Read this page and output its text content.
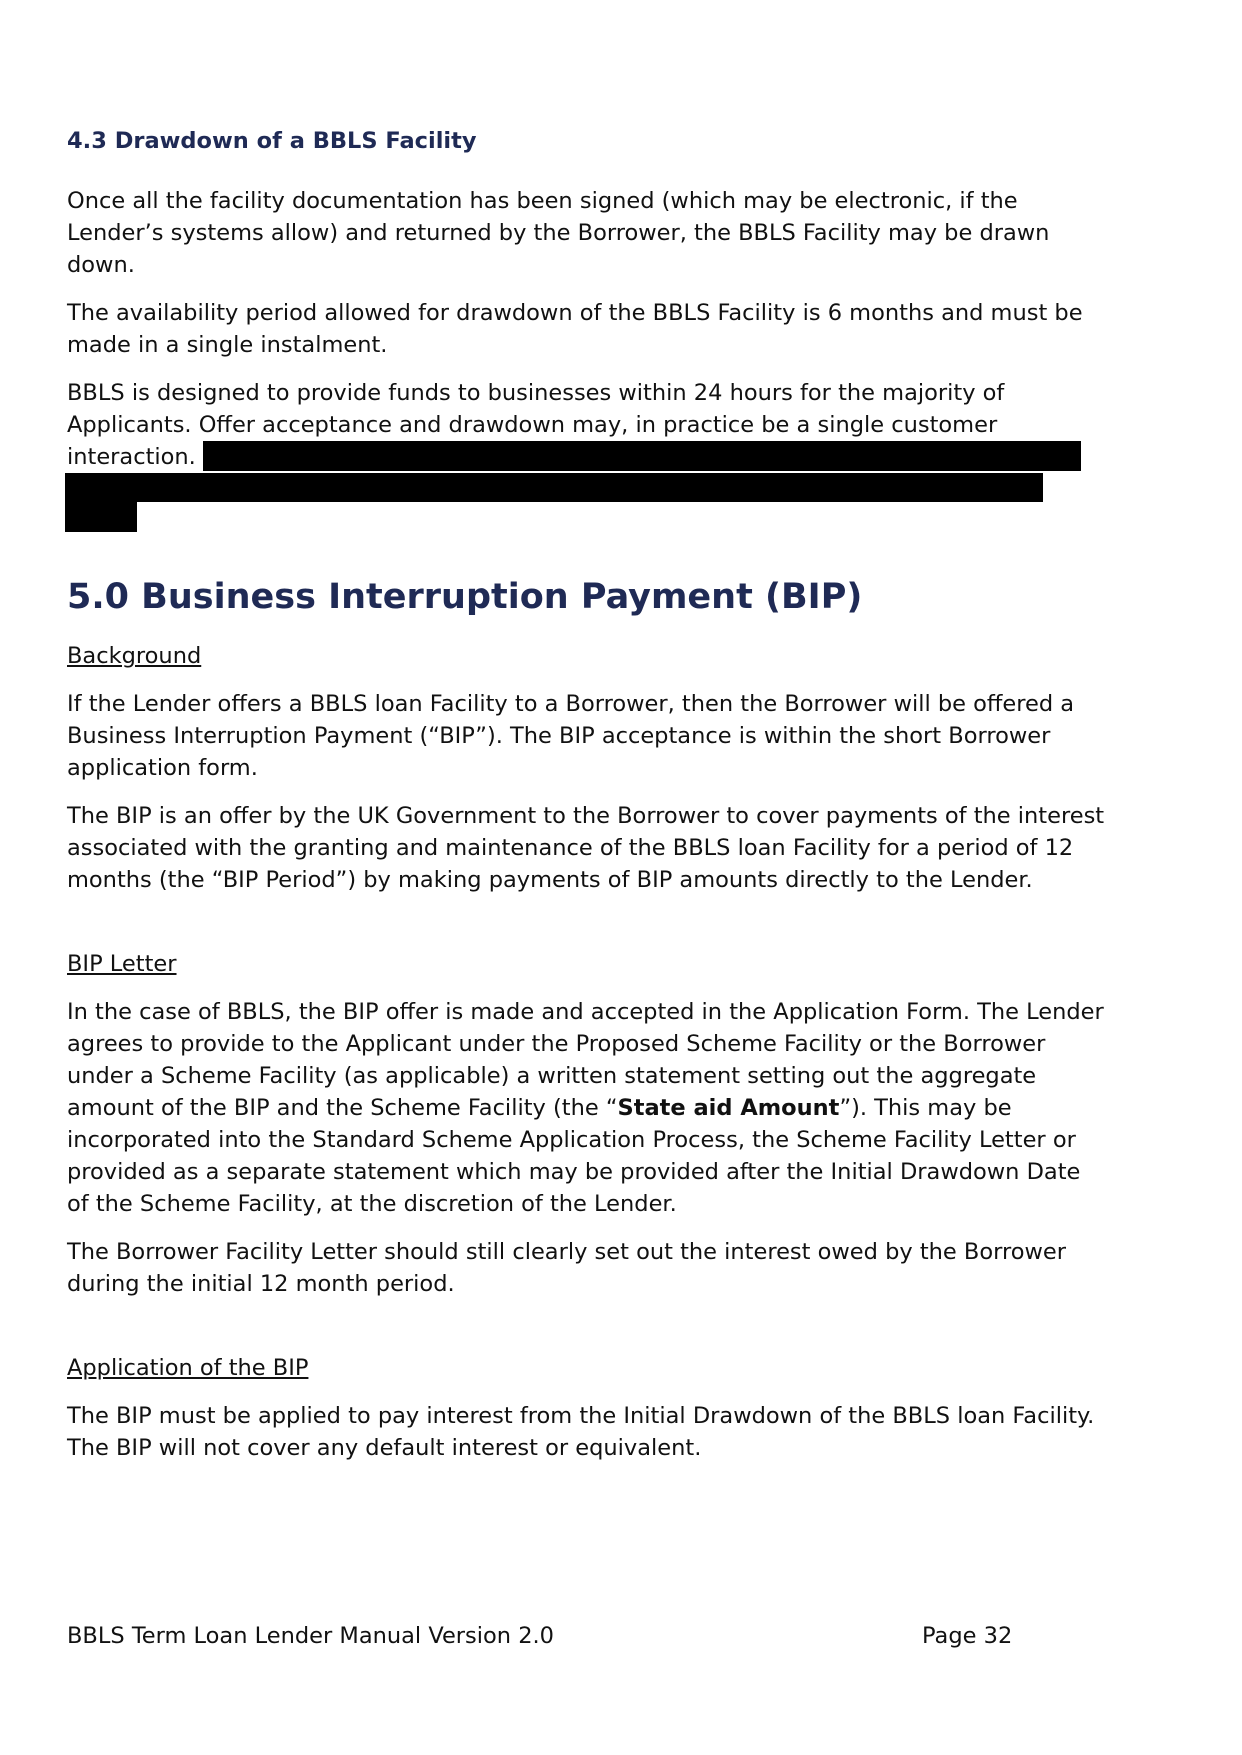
4.3 Drawdown of a BBLS Facility

Once all the facility documentation has been signed (which may be electronic, if the Lender’s systems allow) and returned by the Borrower, the BBLS Facility may be drawn down.

The availability period allowed for drawdown of the BBLS Facility is 6 months and must be made in a single instalment.

BBLS is designed to provide funds to businesses within 24 hours for the majority of Applicants. Offer acceptance and drawdown may, in practice be a single customer interaction.

5.0 Business Interruption Payment (BIP)

Background

If the Lender offers a BBLS loan Facility to a Borrower, then the Borrower will be offered a Business Interruption Payment (“BIP”). The BIP acceptance is within the short Borrower application form.

The BIP is an offer by the UK Government to the Borrower to cover payments of the interest associated with the granting and maintenance of the BBLS loan Facility for a period of 12 months (the “BIP Period”) by making payments of BIP amounts directly to the Lender.

BIP Letter

In the case of BBLS, the BIP offer is made and accepted in the Application Form. The Lender agrees to provide to the Applicant under the Proposed Scheme Facility or the Borrower under a Scheme Facility (as applicable) a written statement setting out the aggregate amount of the BIP and the Scheme Facility (the “State aid Amount”). This may be incorporated into the Standard Scheme Application Process, the Scheme Facility Letter or provided as a separate statement which may be provided after the Initial Drawdown Date of the Scheme Facility, at the discretion of the Lender.

The Borrower Facility Letter should still clearly set out the interest owed by the Borrower during the initial 12 month period.

Application of the BIP

The BIP must be applied to pay interest from the Initial Drawdown of the BBLS loan Facility. The BIP will not cover any default interest or equivalent.

BBLS Term Loan Lender Manual Version 2.0	Page 32
